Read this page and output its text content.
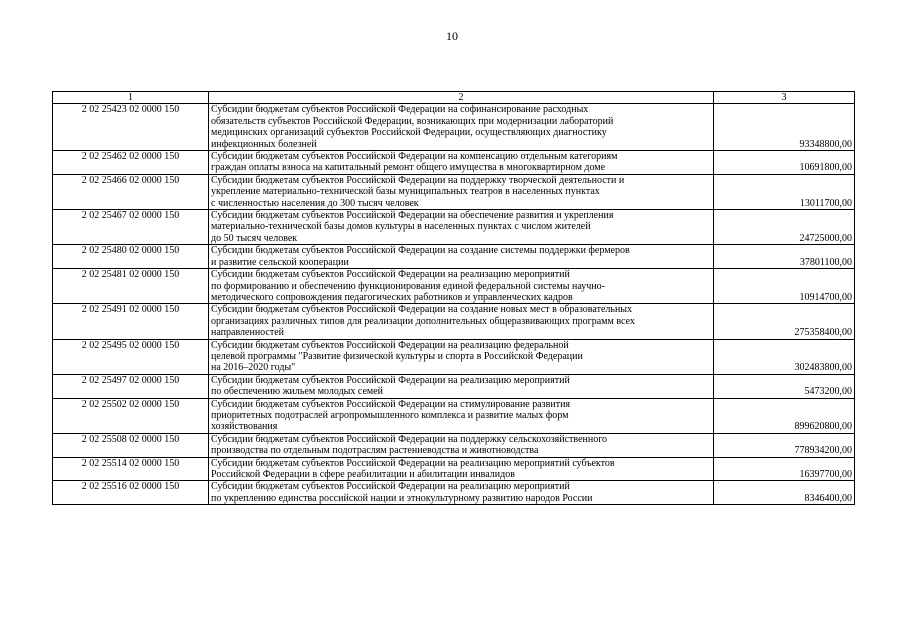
10
1	2	3
2 02 25423 02 0000 150	Субсидии бюджетам субъектов Российской Федерации на софинансирование расходных
обязательств субъектов Российской Федерации, возникающих при модернизации лабораторий
медицинских организаций субъектов Российской Федерации, осуществляющих диагностику
инфекционных болезней	93348800,00
2 02 25462 02 0000 150	Субсидии бюджетам субъектов Российской Федерации на компенсацию отдельным категориям
граждан оплаты взноса на капитальный ремонт общего имущества в многоквартирном доме	10691800,00
2 02 25466 02 0000 150	Субсидии бюджетам субъектов Российской Федерации на поддержку творческой деятельности и
укрепление материально-технической базы муниципальных театров в населенных пунктах
с численностью населения до 300 тысяч человек	13011700,00
2 02 25467 02 0000 150	Субсидии бюджетам субъектов Российской Федерации на обеспечение развития и укрепления
материально-технической базы домов культуры в населенных пунктах с числом жителей
до 50 тысяч человек	24725000,00
2 02 25480 02 0000 150	Субсидии бюджетам субъектов Российской Федерации на создание системы поддержки фермеров
и развитие сельской кооперации	37801100,00
2 02 25481 02 0000 150	Субсидии бюджетам субъектов Российской Федерации на реализацию мероприятий
по формированию и обеспечению функционирования единой федеральной системы научно-
методического сопровождения педагогических работников и управленческих кадров	10914700,00
2 02 25491 02 0000 150	Субсидии бюджетам субъектов Российской Федерации на создание новых мест в образовательных
организациях различных типов для реализации дополнительных общеразвивающих программ всех
направленностей	275358400,00
2 02 25495 02 0000 150	Субсидии бюджетам субъектов Российской Федерации на реализацию федеральной
целевой программы "Развитие физической культуры и спорта в Российской Федерации
на 2016–2020 годы"	302483800,00
2 02 25497 02 0000 150	Субсидии бюджетам субъектов Российской Федерации на реализацию мероприятий
по обеспечению жильем молодых семей	5473200,00
2 02 25502 02 0000 150	Субсидии бюджетам субъектов Российской Федерации на стимулирование развития
приоритетных подотраслей агропромышленного комплекса и развитие малых форм
хозяйствования	899620800,00
2 02 25508 02 0000 150	Субсидии бюджетам субъектов Российской Федерации на поддержку сельскохозяйственного
производства по отдельным подотраслям растениеводства и животноводства	778934200,00
2 02 25514 02 0000 150	Субсидии бюджетам субъектов Российской Федерации на реализацию мероприятий субъектов
Российской Федерации в сфере реабилитации и абилитации инвалидов	16397700,00
2 02 25516 02 0000 150	Субсидии бюджетам субъектов Российской Федерации на реализацию мероприятий
по укреплению единства российской нации и этнокультурному развитию народов России	8346400,00
